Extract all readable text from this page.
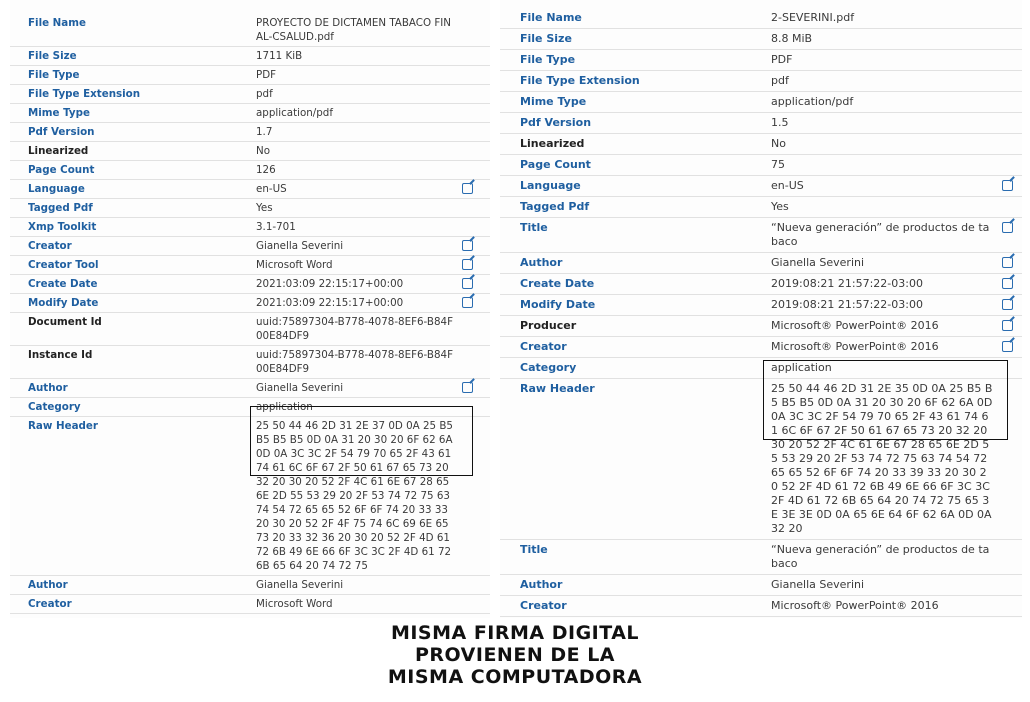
File Name	PROYECTO DE DICTAMEN TABACO FINAL-CSALUD.pdf
File Size	1711 KiB
File Type	PDF
File Type Extension	pdf
Mime Type	application/pdf
Pdf Version	1.7
Linearized	No
Page Count	126
Language	en-US
Tagged Pdf	Yes
Xmp Toolkit	3.1-701
Creator	Gianella Severini
Creator Tool	Microsoft Word
Create Date	2021:03:09 22:15:17+00:00
Modify Date	2021:03:09 22:15:17+00:00
Document Id	uuid:75897304-B778-4078-8EF6-B84F00E84DF9
Instance Id	uuid:75897304-B778-4078-8EF6-B84F00E84DF9
Author	Gianella Severini
Category	application
Raw Header	25 50 44 46 2D 31 2E 37 0D 0A 25 B5 B5 B5 B5 0D 0A 31 20 30 20 6F 62 6A 0D 0A 3C 3C 2F 54 79 70 65 2F 43 61 74 61 6C 6F 67 2F 50 61 67 65 73 20 32 20 30 20 52 2F 4C 61 6E 67 28 65 6E 2D 55 53 29 20 2F 53 74 72 75 63 74 54 72 65 65 52 6F 6F 74 20 33 33 20 30 20 52 2F 4F 75 74 6C 69 6E 65 73 20 33 32 36 20 30 20 52 2F 4D 61 72 6B 49 6E 66 6F 3C 3C 2F 4D 61 72 6B 65 64 20 74 72 75
Author	Gianella Severini
Creator	Microsoft Word
File Name	2-SEVERINI.pdf
File Size	8.8 MiB
File Type	PDF
File Type Extension	pdf
Mime Type	application/pdf
Pdf Version	1.5
Linearized	No
Page Count	75
Language	en-US
Tagged Pdf	Yes
Title	“Nueva generación” de productos de tabaco
Author	Gianella Severini
Create Date	2019:08:21 21:57:22-03:00
Modify Date	2019:08:21 21:57:22-03:00
Producer	Microsoft® PowerPoint® 2016
Creator	Microsoft® PowerPoint® 2016
Category	application
Raw Header	25 50 44 46 2D 31 2E 35 0D 0A 25 B5 B5 B5 B5 0D 0A 31 20 30 20 6F 62 6A 0D 0A 3C 3C 2F 54 79 70 65 2F 43 61 74 61 6C 6F 67 2F 50 61 67 65 73 20 32 20 30 20 52 2F 4C 61 6E 67 28 65 6E 2D 55 53 29 20 2F 53 74 72 75 63 74 54 72 65 65 52 6F 6F 74 20 33 39 33 20 30 20 52 2F 4D 61 72 6B 49 6E 66 6F 3C 3C 2F 4D 61 72 6B 65 64 20 74 72 75 65 3E 3E 3E 0D 0A 65 6E 64 6F 62 6A 0D 0A 32 20
Title	“Nueva generación” de productos de tabaco
Author	Gianella Severini
Creator	Microsoft® PowerPoint® 2016
MISMA FIRMA DIGITAL
PROVIENEN DE LA
MISMA COMPUTADORA
